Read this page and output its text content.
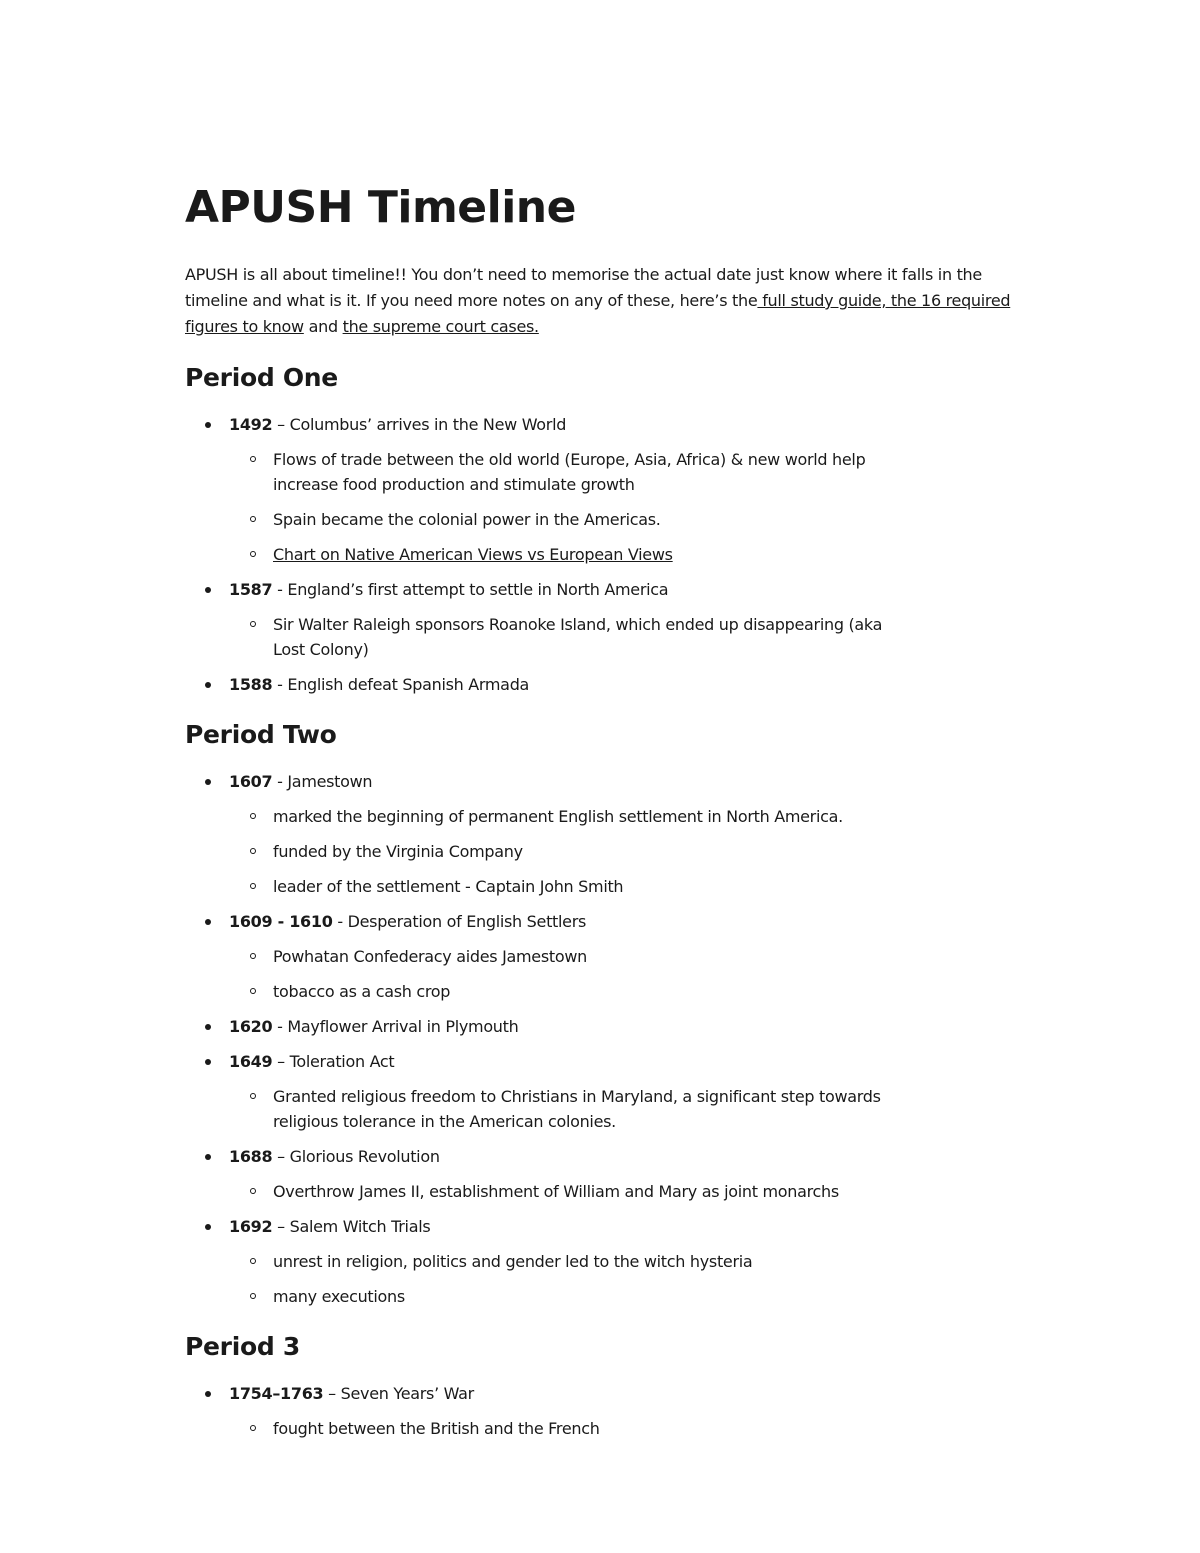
APUSH Timeline

APUSH is all about timeline!! You don’t need to memorise the actual date just know where it falls in the timeline and what is it. If you need more notes on any of these, here’s the full study guide, the 16 required figures to know and the supreme court cases.

Period One
1492 – Columbus’ arrives in the New World
Flows of trade between the old world (Europe, Asia, Africa) & new world help increase food production and stimulate growth
Spain became the colonial power in the Americas.
Chart on Native American Views vs European Views
1587 - England’s first attempt to settle in North America
Sir Walter Raleigh sponsors Roanoke Island, which ended up disappearing (aka Lost Colony)
1588 - English defeat Spanish Armada
Period Two
1607 - Jamestown
marked the beginning of permanent English settlement in North America.
funded by the Virginia Company
leader of the settlement - Captain John Smith
1609 - 1610 - Desperation of English Settlers
Powhatan Confederacy aides Jamestown
tobacco as a cash crop
1620 - Mayflower Arrival in Plymouth
1649 – Toleration Act
Granted religious freedom to Christians in Maryland, a significant step towards religious tolerance in the American colonies.
1688 – Glorious Revolution
Overthrow James II, establishment of William and Mary as joint monarchs
1692 – Salem Witch Trials
unrest in religion, politics and gender led to the witch hysteria
many executions
Period 3
1754–1763 – Seven Years’ War
fought between the British and the French
